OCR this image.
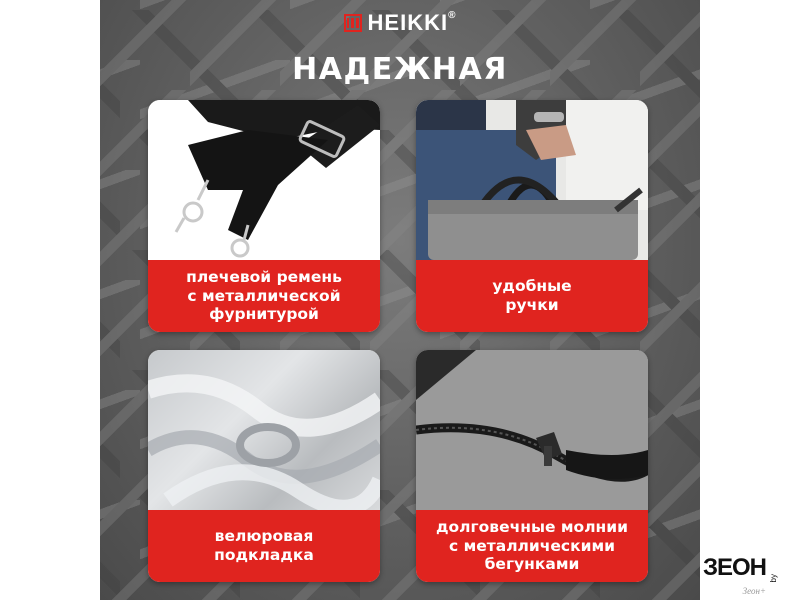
HEIKKI®
НАДЕЖНАЯ
плечевой ремень
с металлической
фурнитурой
удобные
ручки
велюровая
подкладка
долговечные молнии
с металлическими
бегунками	ЗЕОН by
Зеон+
